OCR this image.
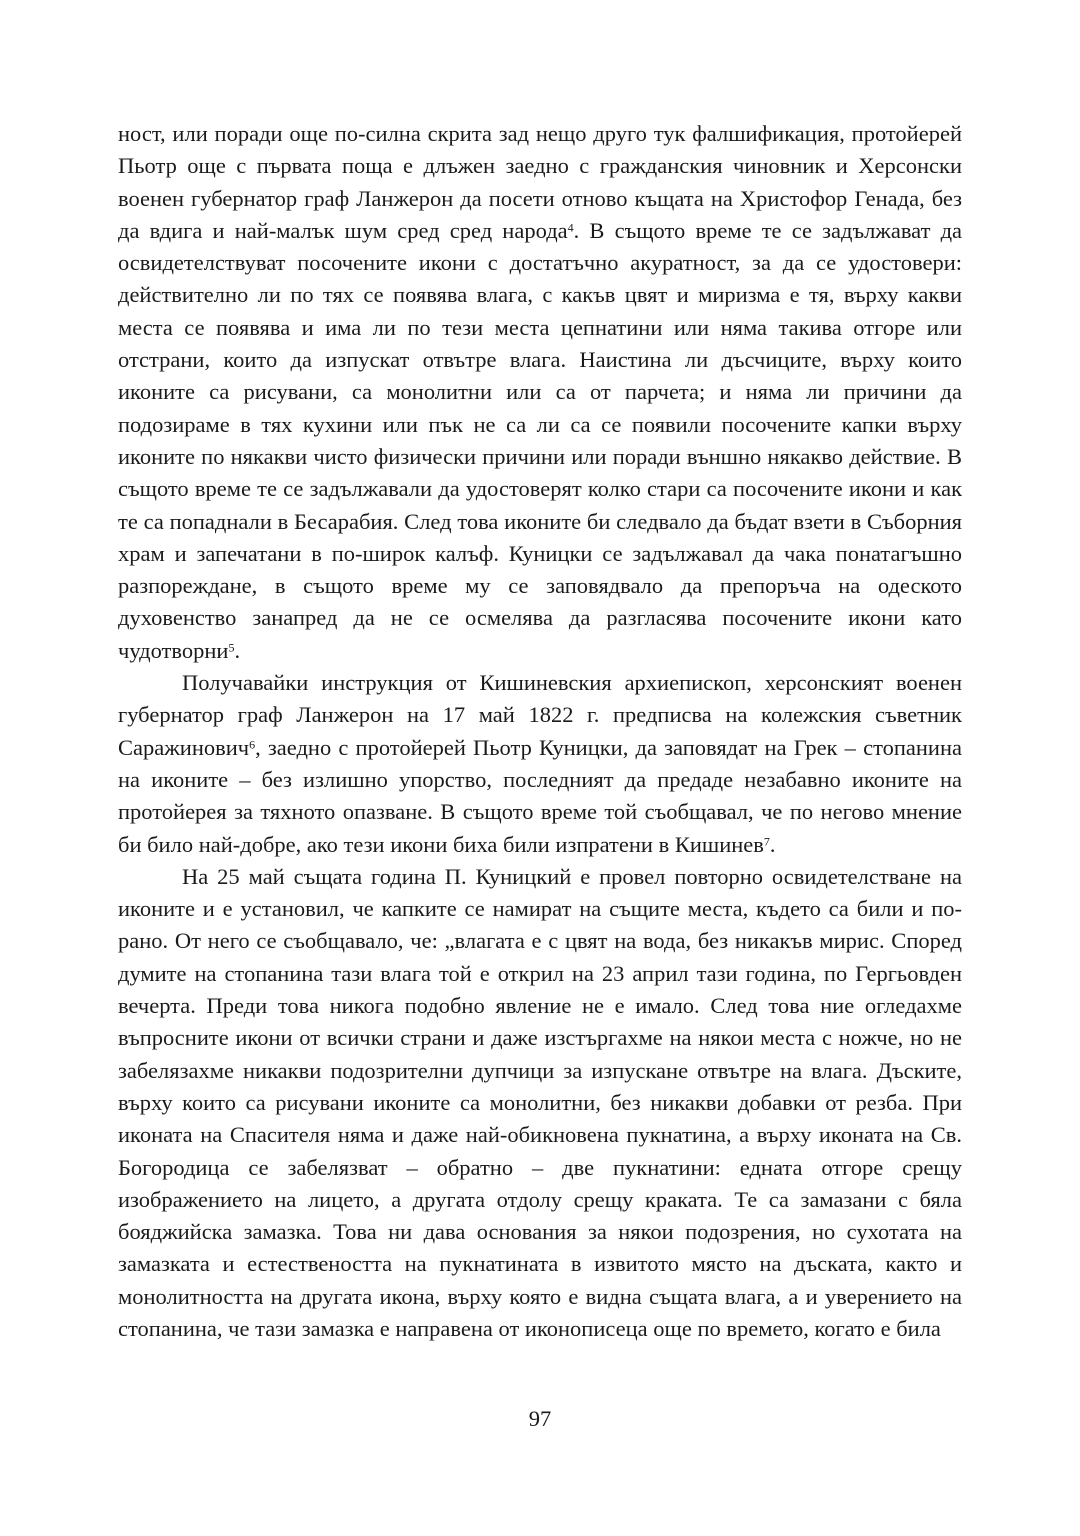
ност, или поради още по-силна скрита зад нещо друго тук фалшификация, протойерей Пьотр още с първата поща е длъжен заедно с гражданския чиновник и Херсонски военен губернатор граф Ланжерон да посети отново къщата на Христофор Генада, без да вдига и най-малък шум сред сред народа$^4$. В същото време те се задължават да освидетелствуват посочените икони с достатъчно акуратност, за да се удостовери: действително ли по тях се появява влага, с какъв цвят и миризма е тя, върху какви места се появява и има ли по тези места цепнатини или няма такива отгоре или отстрани, които да изпускат отвътре влага. Наистина ли дъсчиците, върху които иконите са рисувани, са монолитни или са от парчета; и няма ли причини да подозираме в тях кухини или пък не са ли са се появили посочените капки върху иконите по някакви чисто физически причини или поради външно някакво действие. В същото време те се задължавали да удостоверят колко стари са посочените икони и как те са попаднали в Бесарабия. След това иконите би следвало да бъдат взети в Съборния храм и запечатани в по-широк калъф. Куницки се задължавал да чака понатагъшно разпореждане, в същото време му се заповядвало да препоръча на одеското духовенство занапред да не се осмелява да разгласява посочените икони като чудотворни$^5$.

Получавайки инструкция от Кишиневския архиепископ, херсонският военен губернатор граф Ланжерон на 17 май 1822 г. предписва на колежския съветник Саражинович$^6$, заедно с протойерей Пьотр Куницки, да заповядат на Грек – стопанина на иконите – без излишно упорство, последният да предаде незабавно иконите на протойерея за тяхното опазване. В същото време той съобщавал, че по негово мнение би било най-добре, ако тези икони биха били изпратени в Кишинев$^7$.

На 25 май същата година П. Куницкий е провел повторно освидетелстване на иконите и е установил, че капките се намират на същите места, където са били и по-рано. От него се съобщавало, че: „влагата е с цвят на вода, без никакъв мирис. Според думите на стопанина тази влага той е открил на 23 април тази година, по Гергьовден вечерта. Преди това никога подобно явление не е имало. След това ние огледахме въпросните икони от всички страни и даже изстъргахме на някои места с ножче, но не забелязахме никакви подозрителни дупчици за изпускане отвътре на влага. Дъските, върху които са рисувани иконите са монолитни, без никакви добавки от резба. При иконата на Спасителя няма и даже най-обикновена пукнатина, а върху иконата на Св. Богородица се забелязват – обратно – две пукнатини: едната отгоре срещу изображението на лицето, а другата отдолу срещу краката. Те са замазани с бяла бояджийска замазка. Това ни дава основания за някои подозрения, но сухотата на замазката и естествеността на пукнатината в извитото място на дъската, както и монолитността на другата икона, върху която е видна същата влага, а и уверението на стопанина, че тази замазка е направена от иконописеца още по времето, когато е била

97
